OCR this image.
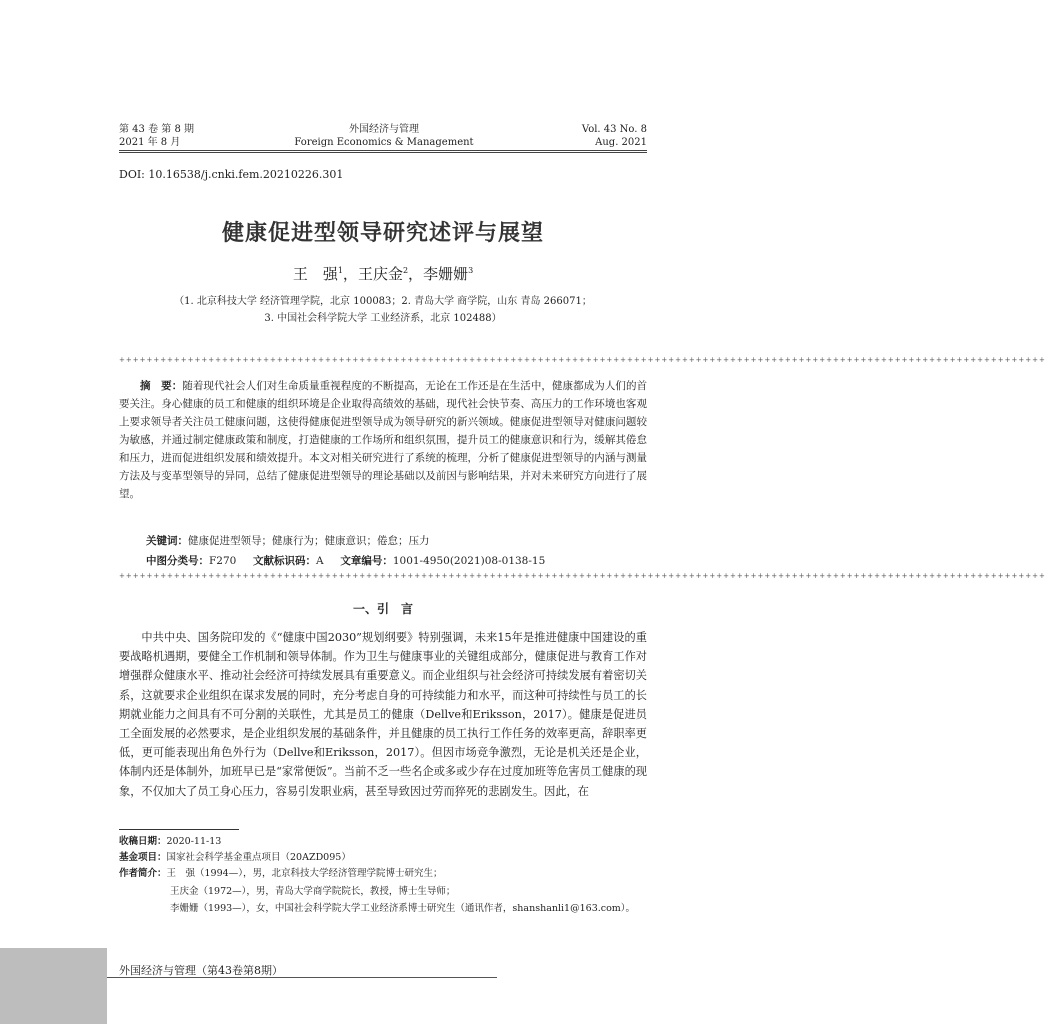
第 43 卷 第 8 期
2021 年 8 月
外国经济与管理
Foreign Economics & Management
Vol. 43 No. 8
Aug. 2021
DOI: 10.16538/j.cnki.fem.20210226.301
健康促进型领导研究述评与展望
王　强$^1$，王庆金$^2$，李姗姗$^3$
（1. 北京科技大学 经济管理学院，北京 100083；2. 青岛大学 商学院，山东 青岛 266071；
3. 中国社会科学院大学 工业经济系，北京 102488）
+++++++++++++++++++++++++++++++++++++++++++++++++++++++++++++++++++++++++++++++++++++++++++++++++++++++++++++++++++++++++++++++++++++++
摘　要：随着现代社会人们对生命质量重视程度的不断提高，无论在工作还是在生活中，健康都成为人们的首要关注。身心健康的员工和健康的组织环境是企业取得高绩效的基础，现代社会快节奏、高压力的工作环境也客观上要求领导者关注员工健康问题，这使得健康促进型领导成为领导研究的新兴领域。健康促进型领导对健康问题较为敏感，并通过制定健康政策和制度，打造健康的工作场所和组织氛围，提升员工的健康意识和行为，缓解其倦怠和压力，进而促进组织发展和绩效提升。本文对相关研究进行了系统的梳理，分析了健康促进型领导的内涵与测量方法及与变革型领导的异同，总结了健康促进型领导的理论基础以及前因与影响结果，并对未来研究方向进行了展望。
关键词：健康促进型领导；健康行为；健康意识；倦怠；压力
中图分类号：F270 文献标识码：A 文章编号：1001-4950(2021)08-0138-15
+++++++++++++++++++++++++++++++++++++++++++++++++++++++++++++++++++++++++++++++++++++++++++++++++++++++++++++++++++++++++++++++++++++++
一、引　言
中共中央、国务院印发的《“健康中国2030”规划纲要》特别强调，未来15年是推进健康中国建设的重要战略机遇期，要健全工作机制和领导体制。作为卫生与健康事业的关键组成部分，健康促进与教育工作对增强群众健康水平、推动社会经济可持续发展具有重要意义。而企业组织与社会经济可持续发展有着密切关系，这就要求企业组织在谋求发展的同时，充分考虑自身的可持续能力和水平，而这种可持续性与员工的长期就业能力之间具有不可分割的关联性，尤其是员工的健康（Dellve和Eriksson，2017）。健康是促进员工全面发展的必然要求，是企业组织发展的基础条件，并且健康的员工执行工作任务的效率更高，辞职率更低，更可能表现出角色外行为（Dellve和Eriksson，2017）。但因市场竞争激烈，无论是机关还是企业，体制内还是体制外，加班早已是“家常便饭”。当前不乏一些名企或多或少存在过度加班等危害员工健康的现象，不仅加大了员工身心压力，容易引发职业病，甚至导致因过劳而猝死的悲剧发生。因此，在
收稿日期：2020-11-13
基金项目：国家社会科学基金重点项目（20AZD095）
作者简介：王　强（1994—），男，北京科技大学经济管理学院博士研究生；
王庆金（1972—），男，青岛大学商学院院长，教授，博士生导师；
李姗姗（1993—），女，中国社会科学院大学工业经济系博士研究生（通讯作者，shanshanli1@163.com）。
外国经济与管理（第43卷第8期）
